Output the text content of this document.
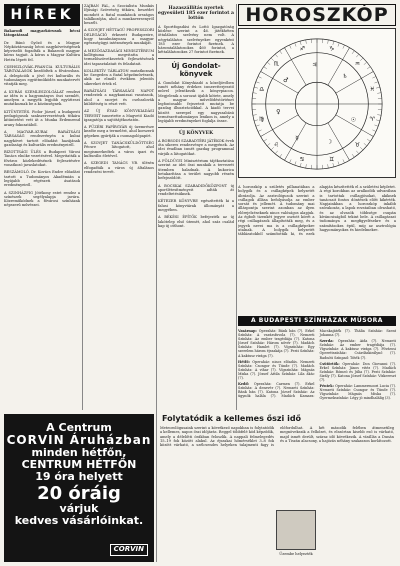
HÍREK
Bakarodi magyarkórusok bécsi látogatással
Dr. Bánó Győző és a Magyar Népköztársaság bécsi nagykövetségének képviselői fogadták a Bakarodi magyar kórus tagjait. A kórus a Magyar Kultúra Hetén lépett fel.
CSEHSZLOVÁK–FRANCIA KULTURÁLIS TÁRGYALÁSOK kezdődtek a fővárosban. A delegációk a jövő évi kulturális és tudományos együttműködés munkatervét vitatják meg.
A KURÁS SZEMLESZOLGÁLAT rendezi az idén is a hagyományos őszi szemlét, amelyen a megyék legjobb együttesei mutatkoznak be a közönségnek.
KITÜNTETÉS. Fodor József, a budapesti pedagógusok szakszervezetének titkára kitüntetést vett át a Munka Érdemrend arany fokozatából.
A MAGYAR–KUBAI BARÁTSÁGI TÁRSASÁG rendezvényén a kubai nagykövet tartott előadást hazájának gazdasági és kulturális eredményeiről.
BIZOTTSÁGI ÜLÉS a Budapest Városi Tanács elnöke vezetésével. Megvitatták a főváros közlekedésének fejlesztésére vonatkozó javaslatokat.
BESZÁMOLÓ. Dr. Kovács Endre előadást tartott a Tudományos Akadémián a legújabb régészeti ásatások eredményeiről.
A SZINHÁZFIG Jótékony estet rendez a színészek segélyalapja javára. Közreműködnek a fővárosi színházak népszerű művészei.
ZAJBAN PÁL, a Szocialista Munkás Ifjúsági Szövetség titkára, beszédet mondott a fiatal munkások országos találkozóján, ahol a munkaversenyről beszélt.
A SZOVJET HÉTTAGÚ PROFESSZORI DELEGÁCIÓ érkezett Budapestre, hogy tanulmányozza a magyar egészségügyi intézmények munkáját.
A MEZŐGAZDASÁGI MINISZTÉRIUM kollégiuma megvitatta a termelőszövetkezetek fejlesztésének idei tapasztalatait és feladatait.
KOLLEKTÍV TÁRLATON mutatkoznak be Szegeden a fiatal képzőművészek, akik az elmúlt években jelentős sikereket értek el.
BARÁTSÁGI TÁRSASÁGI NAPOT rendeztek a nagykanizsai vasutasok, ahol a szovjet és csehszlovák küldöttség is részt vett.
AZ ÚJ ÉVAD KÖNYVKIADÁSI TERVEIT ismertette a Magvető Kiadó igazgatója a sajtótájékoztatón.
A FÜZÉRI PAPÍRGYÁR új üzemrésze kezdte meg a termelést, ahol korszerű gépeken gyártják a csomagolópapírt.
A SZOVJET TANÁCSKÜLDÖTTSÉG Pécsre látogatott, ahol megismerkedtek a város ipari és kulturális életével.
A SZEGEDI TANÁCS VB. ülésén elfogadták a város új általános rendezési tervét.
Hazaszállítás nyertek egyesületi 185 ezer forintot a lottón
A Sportfogadási és Lottó Igazgatóság közlése szerint a 46. játékhéten öttalálatos szelvény nem volt. A négytalálatos szelvényekre egyenként 185 ezer forintot fizetnek. A háromtalálatosokra 460 forintot, a kéttalálatosokra 27 forintot fizetnek.
Új Gondolat-könyvek
A Gondolat Könyvkiadó a közeljövőben ismét néhány érdekes ismeretterjesztő művel jelentkezik a könyvpiacon. Megjelenik a sorozat újabb kötete, amely a magyar művelődéstörténet legfontosabb fejezeteit mutatja be gazdag illusztrációkkal. A kiadó tervei között szerepel egy nagyszabású természettudományos lexikon is, amely a legújabb eredményeket foglalja össze.
ÚJ KÖNYVEK
A BORSODI SZABADTÉRI JÁTÉKOK évek óta sikeres rendezvénye a megyének. Az idei évadban ismét gazdag programmal várják a látogatókat.
A FÖLDÜGYI Minisztérium tájékoztatása szerint az idei őszi munkák a tervezett ütemben haladnak. A kukorica betakarítása a terület nagyobb részén befejeződött.
A BOCSKAI SZABADIDŐKÖZPONT új sportlétesítményeit adták át rendeltetésüknek.
KÉTEZER KÖNYVRE egészítették ki a falusi könyvtárak állományát a megyében.
A BÉKÉSI ÉPÍTŐK befejezték az új lakótelep első ütemét, ahol száz család kap új otthont.
HOROSZKÓP
♈
♉
♊
♋
♌
♍
♎
♏
♐	♑
♒
♓
☉
☽
☿
♀
♂
♃
♄
A horoszkóp a születés pillanatában a bolygók és a csillagképek helyzetét ábrázolja. Az asztrológusok szerint a csillagok állása befolyásolja az ember sorsát és jellemét. A tudomány mai álláspontja szerint azonban az ilyen előrejelzéseknek nincs valóságos alapjuk. Az égbolt tizenkét jegyre osztott körét a régi csillagászok állapították meg, és a jegyek nevei ma is a csillagképekre utalnak. A bolygók helyzetét táblázatokból számították ki, és ezek alapján készítették el a születési képletet. A régi korokban az uralkodók udvarában is tartottak csillagjósokat, akiknek tanácsait fontos döntések előtt kikérték. Napjainkban a horoszkóp inkább szórakozás, a lapok rovataiban olvasható, és az olvasók többsége csupán kíváncsiságból tekint bele. A csillagászat tudománya a megfigyelésekre és a számításokra épül, míg az asztrológia hagyományokra és hiedelmekre.
A BUDAPESTI SZÍNHÁZAK MŰSORA
Vasárnap: Operaház: Bánk bán (7). Erkel Színház: A varázsfuvola (7). Nemzeti Színház: Az ember tragédiája (7). Katona József Színház: Három nővér (7). Madách Színház: Hamlet (7). Vígszínház: Egy szerelem három éjszakája (7). Pesti Színház: A kaktusz virága (7).
Hétfő: Operaház: nincs előadás. Nemzeti Színház: Csongor és Tünde (7). Madách Színház: A vihar (7). Vígszínház: Mágnás Miska (7). József Attila Színház: Lila ákác (7).
Kedd: Operaház: Carmen (7). Erkel Színház: A denevér (7). Nemzeti Színház: Bánk bán (7). Katona József Színház: Az ügynök halála (7). Madách Kamara: Macskajáték (7). Thália Színház: Szent Johanna (7).
Szerda: Operaház: Aida (7). Nemzeti Színház: Az ember tragédiája (7). Vígszínház: A kaktusz virága (7). Fővárosi Operettszínház: Csárdáskirálynő (7). Radnóti Színpad: Tóték (7).
Csütörtök: Operaház: Don Giovanni (7). Erkel Színház: János vitéz (7). Madách Színház: Rómeó és Júlia (7). Pesti Színház: Sirály (7). Katona József Színház: Vízkereszt (7).
Péntek: Operaház: Lammermoori Lucia (7). Nemzeti Színház: Csongor és Tünde (7). Vígszínház: Mágnás Miska (7). Gyermekszínház: Légy jó mindhalálig (3).
A Centrum
CORVIN Áruházban
minden hétfőn,
CENTRUM HÉTFŐN
19 óra helyett
20 óráig
várjuk
kedves vásárlóinkat.
CORVIN
Folytatódik a kellemes őszi idő
Meteorológusaink szerint a következő napokban is folytatódik a kellemes, napos őszi időjárás. Reggel többfelé köd képződik, amely a délelőtti órákban feloszlik. A nappali felmelegedés 15–19 fok között alakul. Az éjszakai hőmérséklet 3–8 fok között várható, a szélcsendes helyeken talajmenti fagy is előfordulhat. A hét második felében átmenetileg megnövekszik a felhőzet, és elszórtan kisebb eső is várható, majd ismét derült, száraz idő következik. A vízállás a Dunán és a Tiszán alacsony, a hajózás néhány szakaszon korlátozott.
Üzembe helyezték
